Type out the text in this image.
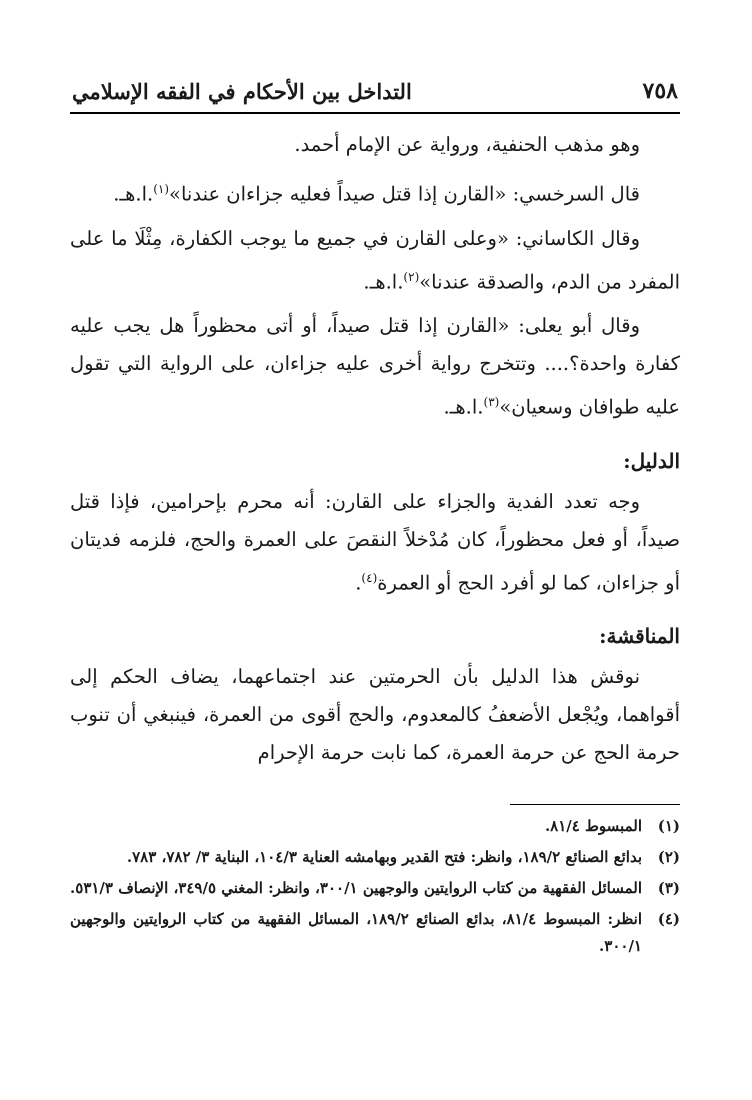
٧٥٨
التداخل بين الأحكام في الفقه الإسلامي

وهو مذهب الحنفية، ورواية عن الإمام أحمد.

قال السرخسي: «القارن إذا قتل صيداً فعليه جزاءان عندنا»$^{(١)}$.ا.هـ.

وقال الكاساني: «وعلى القارن في جميع ما يوجب الكفارة، مِثْلَا ما على المفرد من الدم، والصدقة عندنا»$^{(٢)}$.ا.هـ.

وقال أبو يعلى: «القارن إذا قتل صيداً، أو أتى محظوراً هل يجب عليه كفارة واحدة؟.... وتتخرج رواية أخرى عليه جزاءان، على الرواية التي تقول عليه طوافان وسعيان»$^{(٣)}$.ا.هـ.

الدليل:

وجه تعدد الفدية والجزاء على القارن: أنه محرم بإحرامين، فإذا قتل صيداً، أو فعل محظوراً، كان مُدْخلاً النقصَ على العمرة والحج، فلزمه فديتان أو جزاءان، كما لو أفرد الحج أو العمرة$^{(٤)}$.

المناقشة:

نوقش هذا الدليل بأن الحرمتين عند اجتماعهما، يضاف الحكم إلى أقواهما، ويُجْعل الأضعفُ كالمعدوم، والحج أقوى من العمرة، فينبغي أن تنوب حرمة الحج عن حرمة العمرة، كما نابت حرمة الإحرام

(١)
المبسوط ٨١/٤.
(٢)
بدائع الصنائع ١٨٩/٢، وانظر: فتح القدير وبهامشه العناية ١٠٤/٣، البناية ٣/ ٧٨٢، ٧٨٣.
(٣)
المسائل الفقهية من كتاب الروايتين والوجهين ٣٠٠/١، وانظر: المغني ٣٤٩/٥، الإنصاف ٥٣١/٣.
(٤)
انظر: المبسوط ٨١/٤، بدائع الصنائع ١٨٩/٢، المسائل الفقهية من كتاب الروايتين والوجهين ٣٠٠/١.
